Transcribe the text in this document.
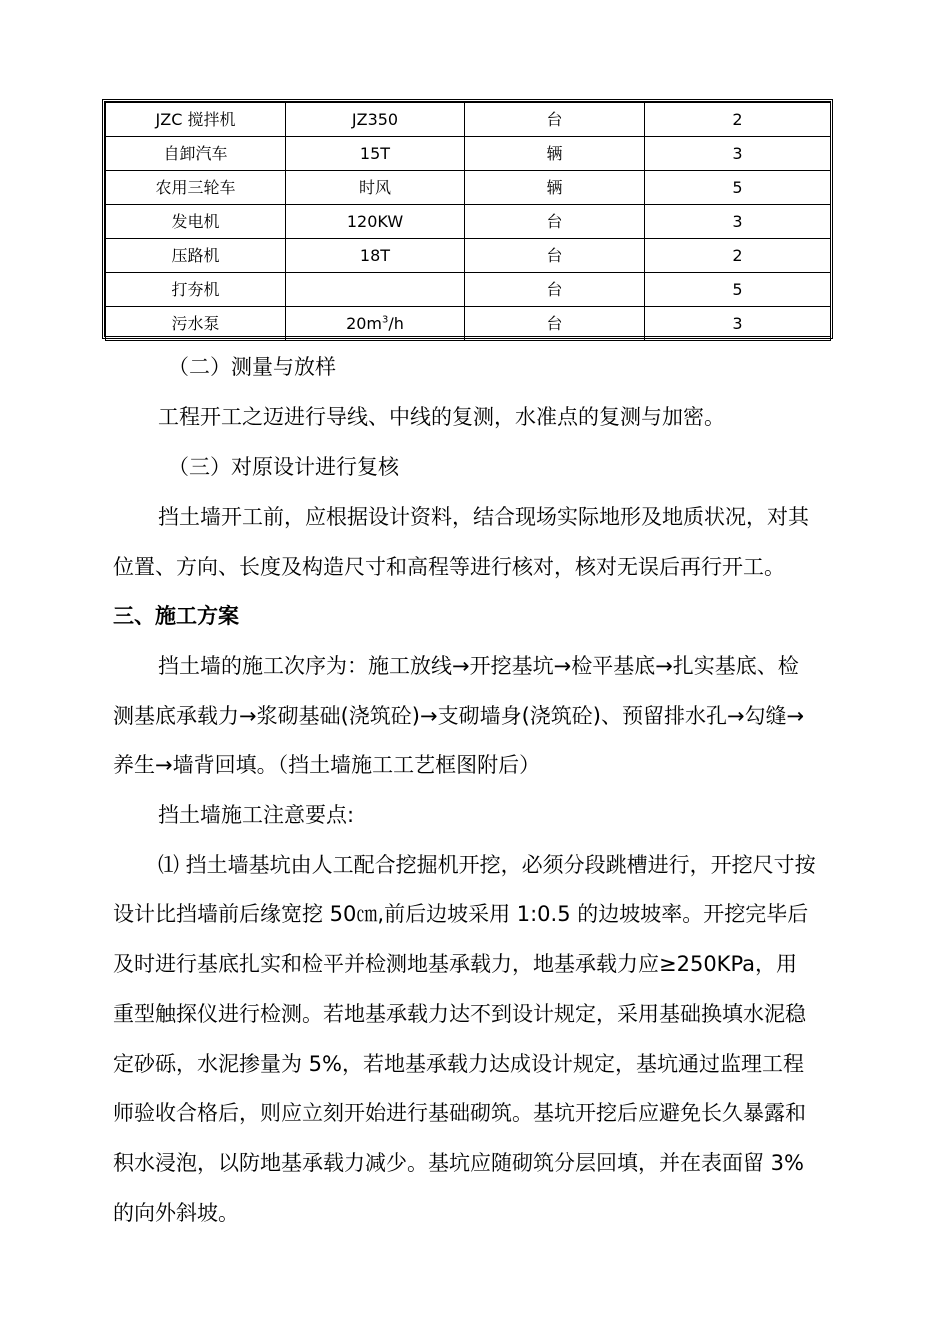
JZC 搅拌机	JZ350	台	2
自卸汽车	15T	辆	3
农用三轮车	时风	辆	5
发电机	120KW	台	3
压路机	18T	台	2
打夯机		台	5
污水泵	$20m^3/h$	台	3
（二）测量与放样
工程开工之迈进行导线、中线的复测，水准点的复测与加密。
（三）对原设计进行复核
挡土墙开工前，应根据设计资料，结合现场实际地形及地质状况，对其
位置、方向、长度及构造尺寸和高程等进行核对，核对无误后再行开工。
三、施工方案
挡土墙的施工次序为：施工放线→开挖基坑→检平基底→扎实基底、检
测基底承载力→浆砌基础(浇筑砼)→支砌墙身(浇筑砼)、预留排水孔→勾缝→
养生→墙背回填。（挡土墙施工工艺框图附后）
挡土墙施工注意要点:
⑴ 挡土墙基坑由人工配合挖掘机开挖，必须分段跳槽进行，开挖尺寸按
设计比挡墙前后缘宽挖 50㎝,前后边坡采用 1:0.5 的边坡坡率。开挖完毕后
及时进行基底扎实和检平并检测地基承载力，地基承载力应≥250KPa，用
重型触探仪进行检测。若地基承载力达不到设计规定，采用基础换填水泥稳
定砂砾，水泥掺量为 5%，若地基承载力达成设计规定，基坑通过监理工程
师验收合格后，则应立刻开始进行基础砌筑。基坑开挖后应避免长久暴露和
积水浸泡，以防地基承载力减少。基坑应随砌筑分层回填，并在表面留 3%
的向外斜坡。
